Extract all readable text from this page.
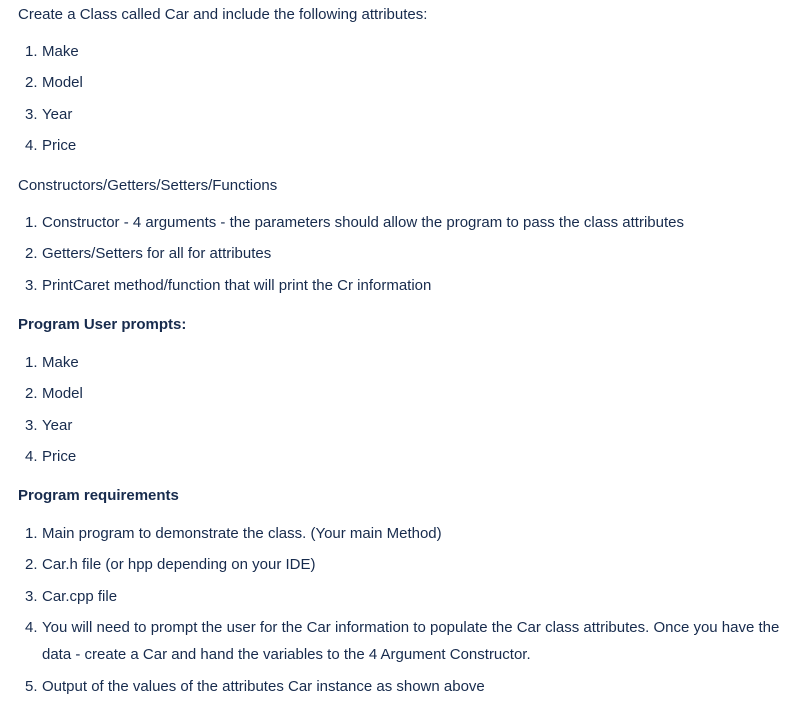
Create a Class called Car and include the following attributes:
1. Make
2. Model
3. Year
4. Price
Constructors/Getters/Setters/Functions
1. Constructor - 4 arguments - the parameters should allow the program to pass the class attributes
2. Getters/Setters for all for attributes
3. PrintCaret method/function that will print the Cr information
Program User prompts:
1. Make
2. Model
3. Year
4. Price
Program requirements
1. Main program to demonstrate the class. (Your main Method)
2. Car.h file (or hpp depending on your IDE)
3. Car.cpp file
4. You will need to prompt the user for the Car information to populate the Car class attributes. Once you have the data - create a Car and hand the variables to the 4 Argument Constructor.
5. Output of the values of the attributes Car instance as shown above
